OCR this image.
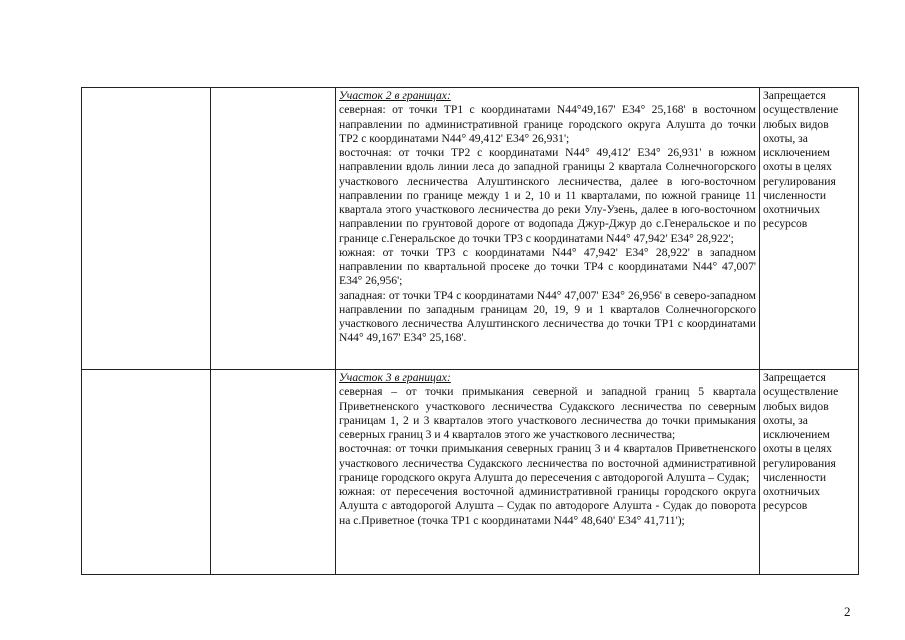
		Участок 2 в границах:

северная: от точки ТР1 с координатами N44°49,167' E34° 25,168' в восточном направлении по административной границе городского округа Алушта до точки ТР2 с координатами N44° 49,412' E34° 26,931';

восточная: от точки ТР2 с координатами N44° 49,412' E34° 26,931' в южном направлении вдоль линии леса до западной границы 2 квартала Солнечногорского участкового лесничества Алуштинского лесничества, далее в юго-восточном направлении по границе между 1 и 2, 10 и 11 кварталами, по южной границе 11 квартала этого участкового лесничества до реки Улу-Узень, далее в юго-восточном направлении по грунтовой дороге от водопада Джур-Джур до с.Генеральское и по границе с.Генеральское до точки ТР3 с координатами N44° 47,942' E34° 28,922';

южная: от точки ТР3 с координатами N44° 47,942' E34° 28,922' в западном направлении по квартальной просеке до точки ТР4 с координатами N44° 47,007' E34° 26,956';

западная: от точки ТР4 с координатами N44° 47,007' E34° 26,956' в северо-западном направлении по западным границам 20, 19, 9 и 1 кварталов Солнечногорского участкового лесничества Алуштинского лесничества до точки ТР1 с координатами N44° 49,167' E34° 25,168'.	Запрещается осуществление любых видов охоты, за исключением охоты в целях регулирования численности охотничьих ресурсов

		Участок 3 в границах:

северная – от точки примыкания северной и западной границ 5 квартала Приветненского участкового лесничества Судакского лесничества по северным границам 1, 2 и 3 кварталов этого участкового лесничества до точки примыкания северных границ 3 и 4 кварталов этого же участкового лесничества;

восточная: от точки примыкания северных границ 3 и 4 кварталов Приветненского участкового лесничества Судакского лесничества по восточной административной границе городского округа Алушта до пересечения с автодорогой Алушта – Судак;

южная: от пересечения восточной административной границы городского округа Алушта с автодорогой Алушта – Судак по автодороге Алушта - Судак до поворота на с.Приветное (точка ТР1 с координатами N44° 48,640' E34° 41,711');	Запрещается осуществление любых видов охоты, за исключением охоты в целях регулирования численности охотничьих ресурсов
2
